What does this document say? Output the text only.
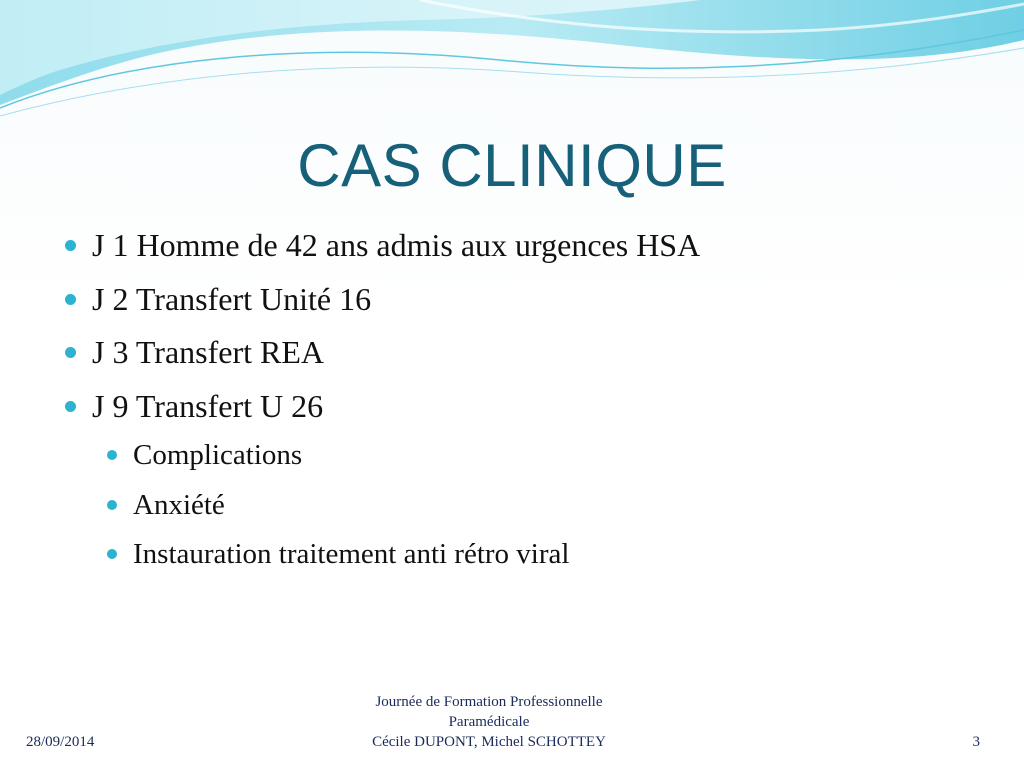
CAS CLINIQUE
J 1 Homme de 42 ans admis aux urgences HSA
J 2 Transfert Unité 16
J 3 Transfert REA
J 9 Transfert U 26
Complications
Anxiété
Instauration traitement anti rétro viral
28/09/2014
Journée de Formation Professionnelle
Paramédicale
Cécile DUPONT, Michel SCHOTTEY	3
